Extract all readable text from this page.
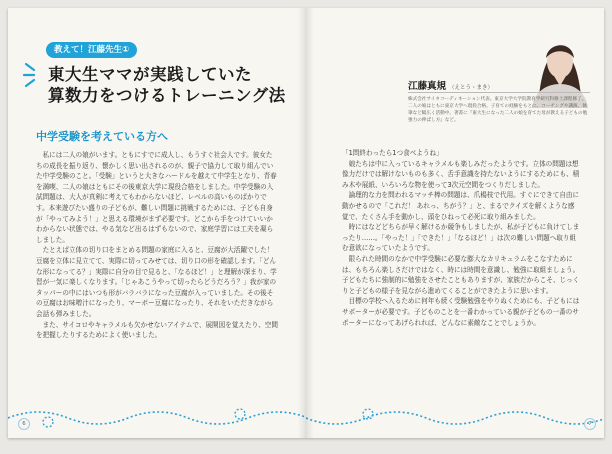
教えて！江藤先生①
東大生ママが実践していた
算数力をつけるトレーニング法
中学受験を考えている方へ

私には二人の娘がいます。ともにすでに成人し、もうすぐ社会人です。彼女たちの成長を振り返り、懐かしく思い出されるのが、親子で協力して取り組んでいた中学受験のこと。「受験」というと大きなハードルを越えて中学生となり、青春を満喫、二人の娘はともにその後東京大学に現役合格をしました。中学受験の入試問題は、大人が真剣に考えてもわからないほど、レベルの高いものばかりです。本来遊びたい盛りの子どもが、難しい問題に挑戦するためには、子ども自身が「やってみよう！」と思える環境がまず必要です。どこから手をつけていいかわからない状態では、やる気など出るはずもないので、家庭学習には工夫を凝らしました。

たとえば立体の切り口をまとめる問題の家庭に入ると、豆腐が大活躍でした！豆腐を立体に見立てて、実際に切ってみせては、切り口の形を確認します。「どんな形になってる？」実際に自分の目で見ると、「なるほど！」と理解が深まり、学習が一気に楽しくなります。「じゃあこうやって切ったらどうだろう？」我が家のタッパーの中にはいつも形がバラバラになった豆腐が入っていました。その後その豆腐はお味噌汁になったり、マーボー豆腐になったり、それをいただきながら会話も弾みました。

また、サイコロやキャラメルも欠かせないアイテムで、展開図を覚えたり、空間を把握したりするためによく使いました。

6
江藤真規 （えとう・まき）
株式会社サイタコーディネーション代表。東京大学大学院教育学研究科修士課程修了。二人の娘はともに東京大学へ現役合格。子育ての経験をもとに、コーチングや講演、執筆など幅広く活動中。著書に『東大生になった二人の娘を育てた母が教える子どもの勉強力の伸ばし方』など。

「1問終わったら1つ食べようね」

娘たちは中に入っているキャラメルも楽しみだったようです。立体の問題は想像力だけでは解けないものも多く、舌手意識を持たないようにするためにも、積み木や展紙、いろいろな物を使って3次元空間をつくりだしました。

論理的な力を問われるマッチ棒の問題は、爪楊枝で代用。すぐにできて自由に動かせるので「これだ！ あれっ、ちがう？」と、まるでクイズを解くような感覚で、たくさん手を動かし、頭をひねって必死に取り組みました。

時にはなどどちらが早く解けるか競争もしましたが、私が子どもに負けてしまったり……。「やった！」「できた！」「なるほど！」は次の難しい問題へ取り組む意欲になっていたようです。

限られた時間のなかで中学受験に必要な膨大なカリキュラムをこなすためには、もちろん楽しさだけではなく、時には時間を意識し、勉強に取組ましょう。子どもたちに強制的に勉強をさせたこともありますが、家族だからこそ、じっくりと子どもの様子を見ながら進めてくることができたように思います。

目標の学校へ入るために何年も続く受験勉強をやりぬくためにも、子どもにはサポーターが必要です。子どものことを一番わかっている親が子どもの一番のサポーターになってあげられれば、どんなに素敵なことでしょうか。

7
